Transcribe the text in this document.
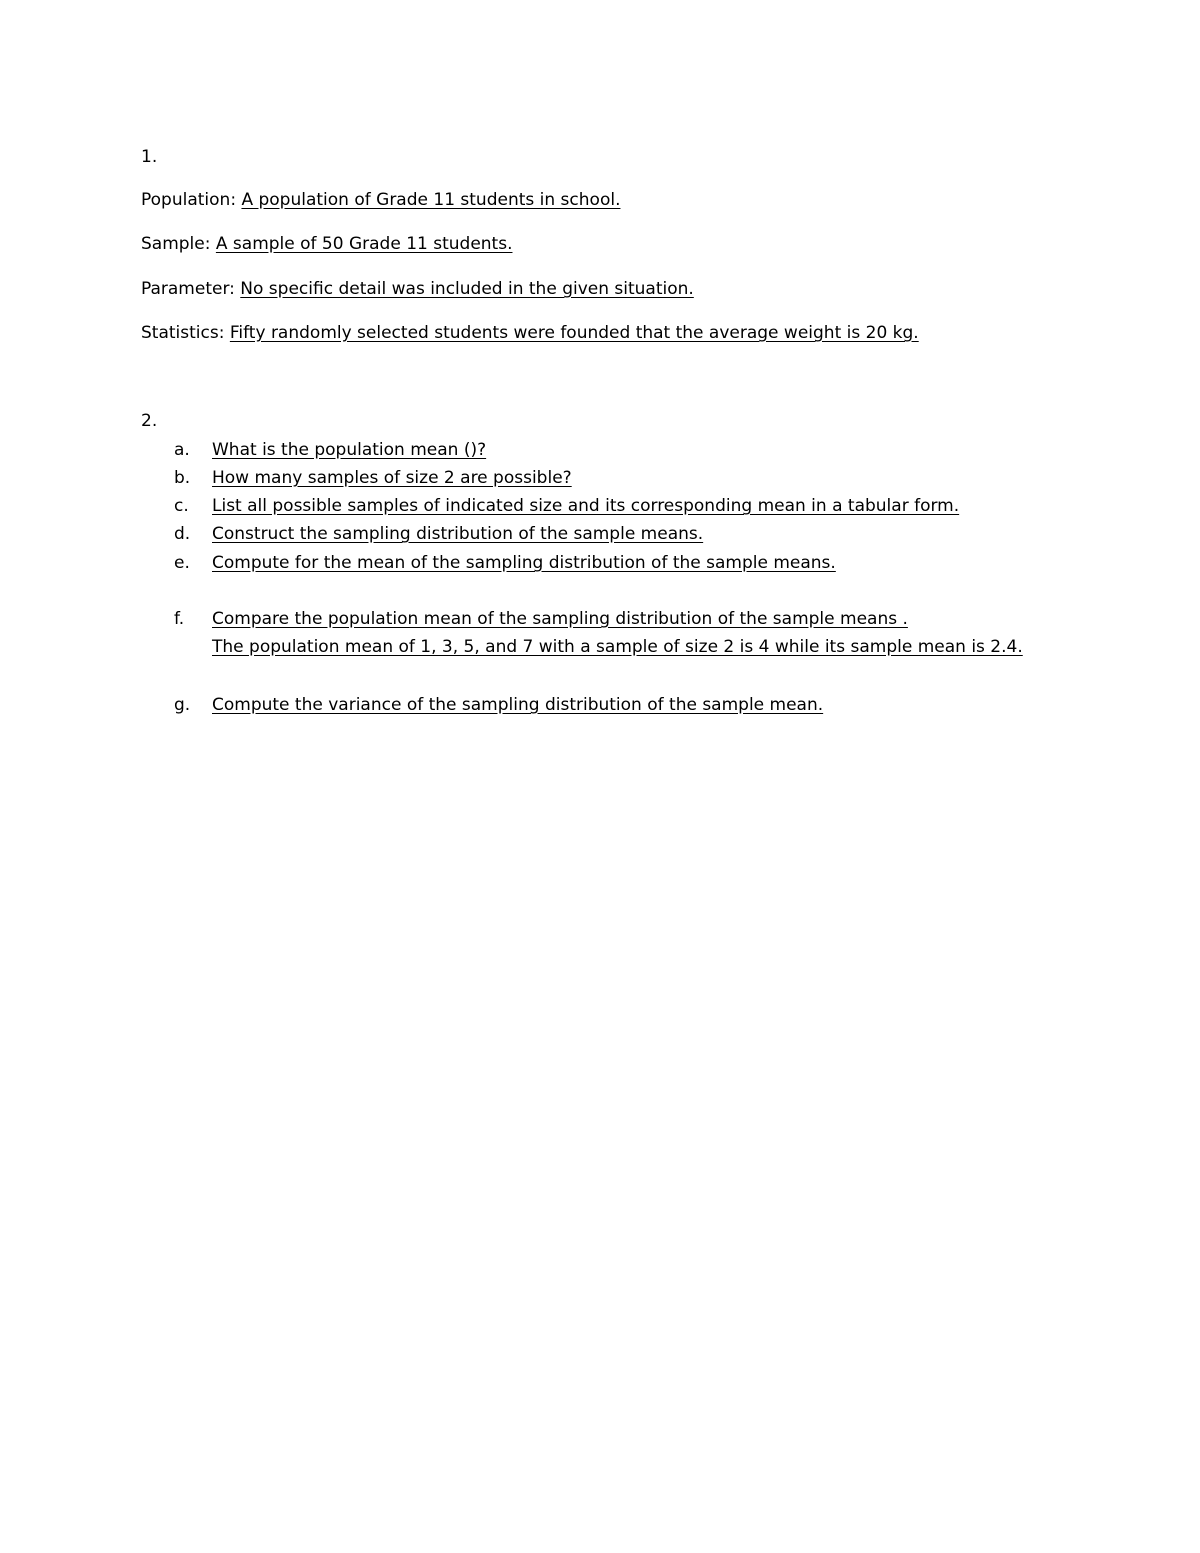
1.
Population: A population of Grade 11 students in school.
Sample: A sample of 50 Grade 11 students.
Parameter: No specific detail was included in the given situation.
Statistics: Fifty randomly selected students were founded that the average weight is 20 kg.
2.
a. What is the population mean ()?
b. How many samples of size 2 are possible?
c. List all possible samples of indicated size and its corresponding mean in a tabular form.
d. Construct the sampling distribution of the sample means.
e. Compute for the mean of the sampling distribution of the sample means.
f. Compare the population mean of the sampling distribution of the sample means .
The population mean of 1, 3, 5, and 7 with a sample of size 2 is 4 while its sample mean is 2.4.
g. Compute the variance of the sampling distribution of the sample mean.
